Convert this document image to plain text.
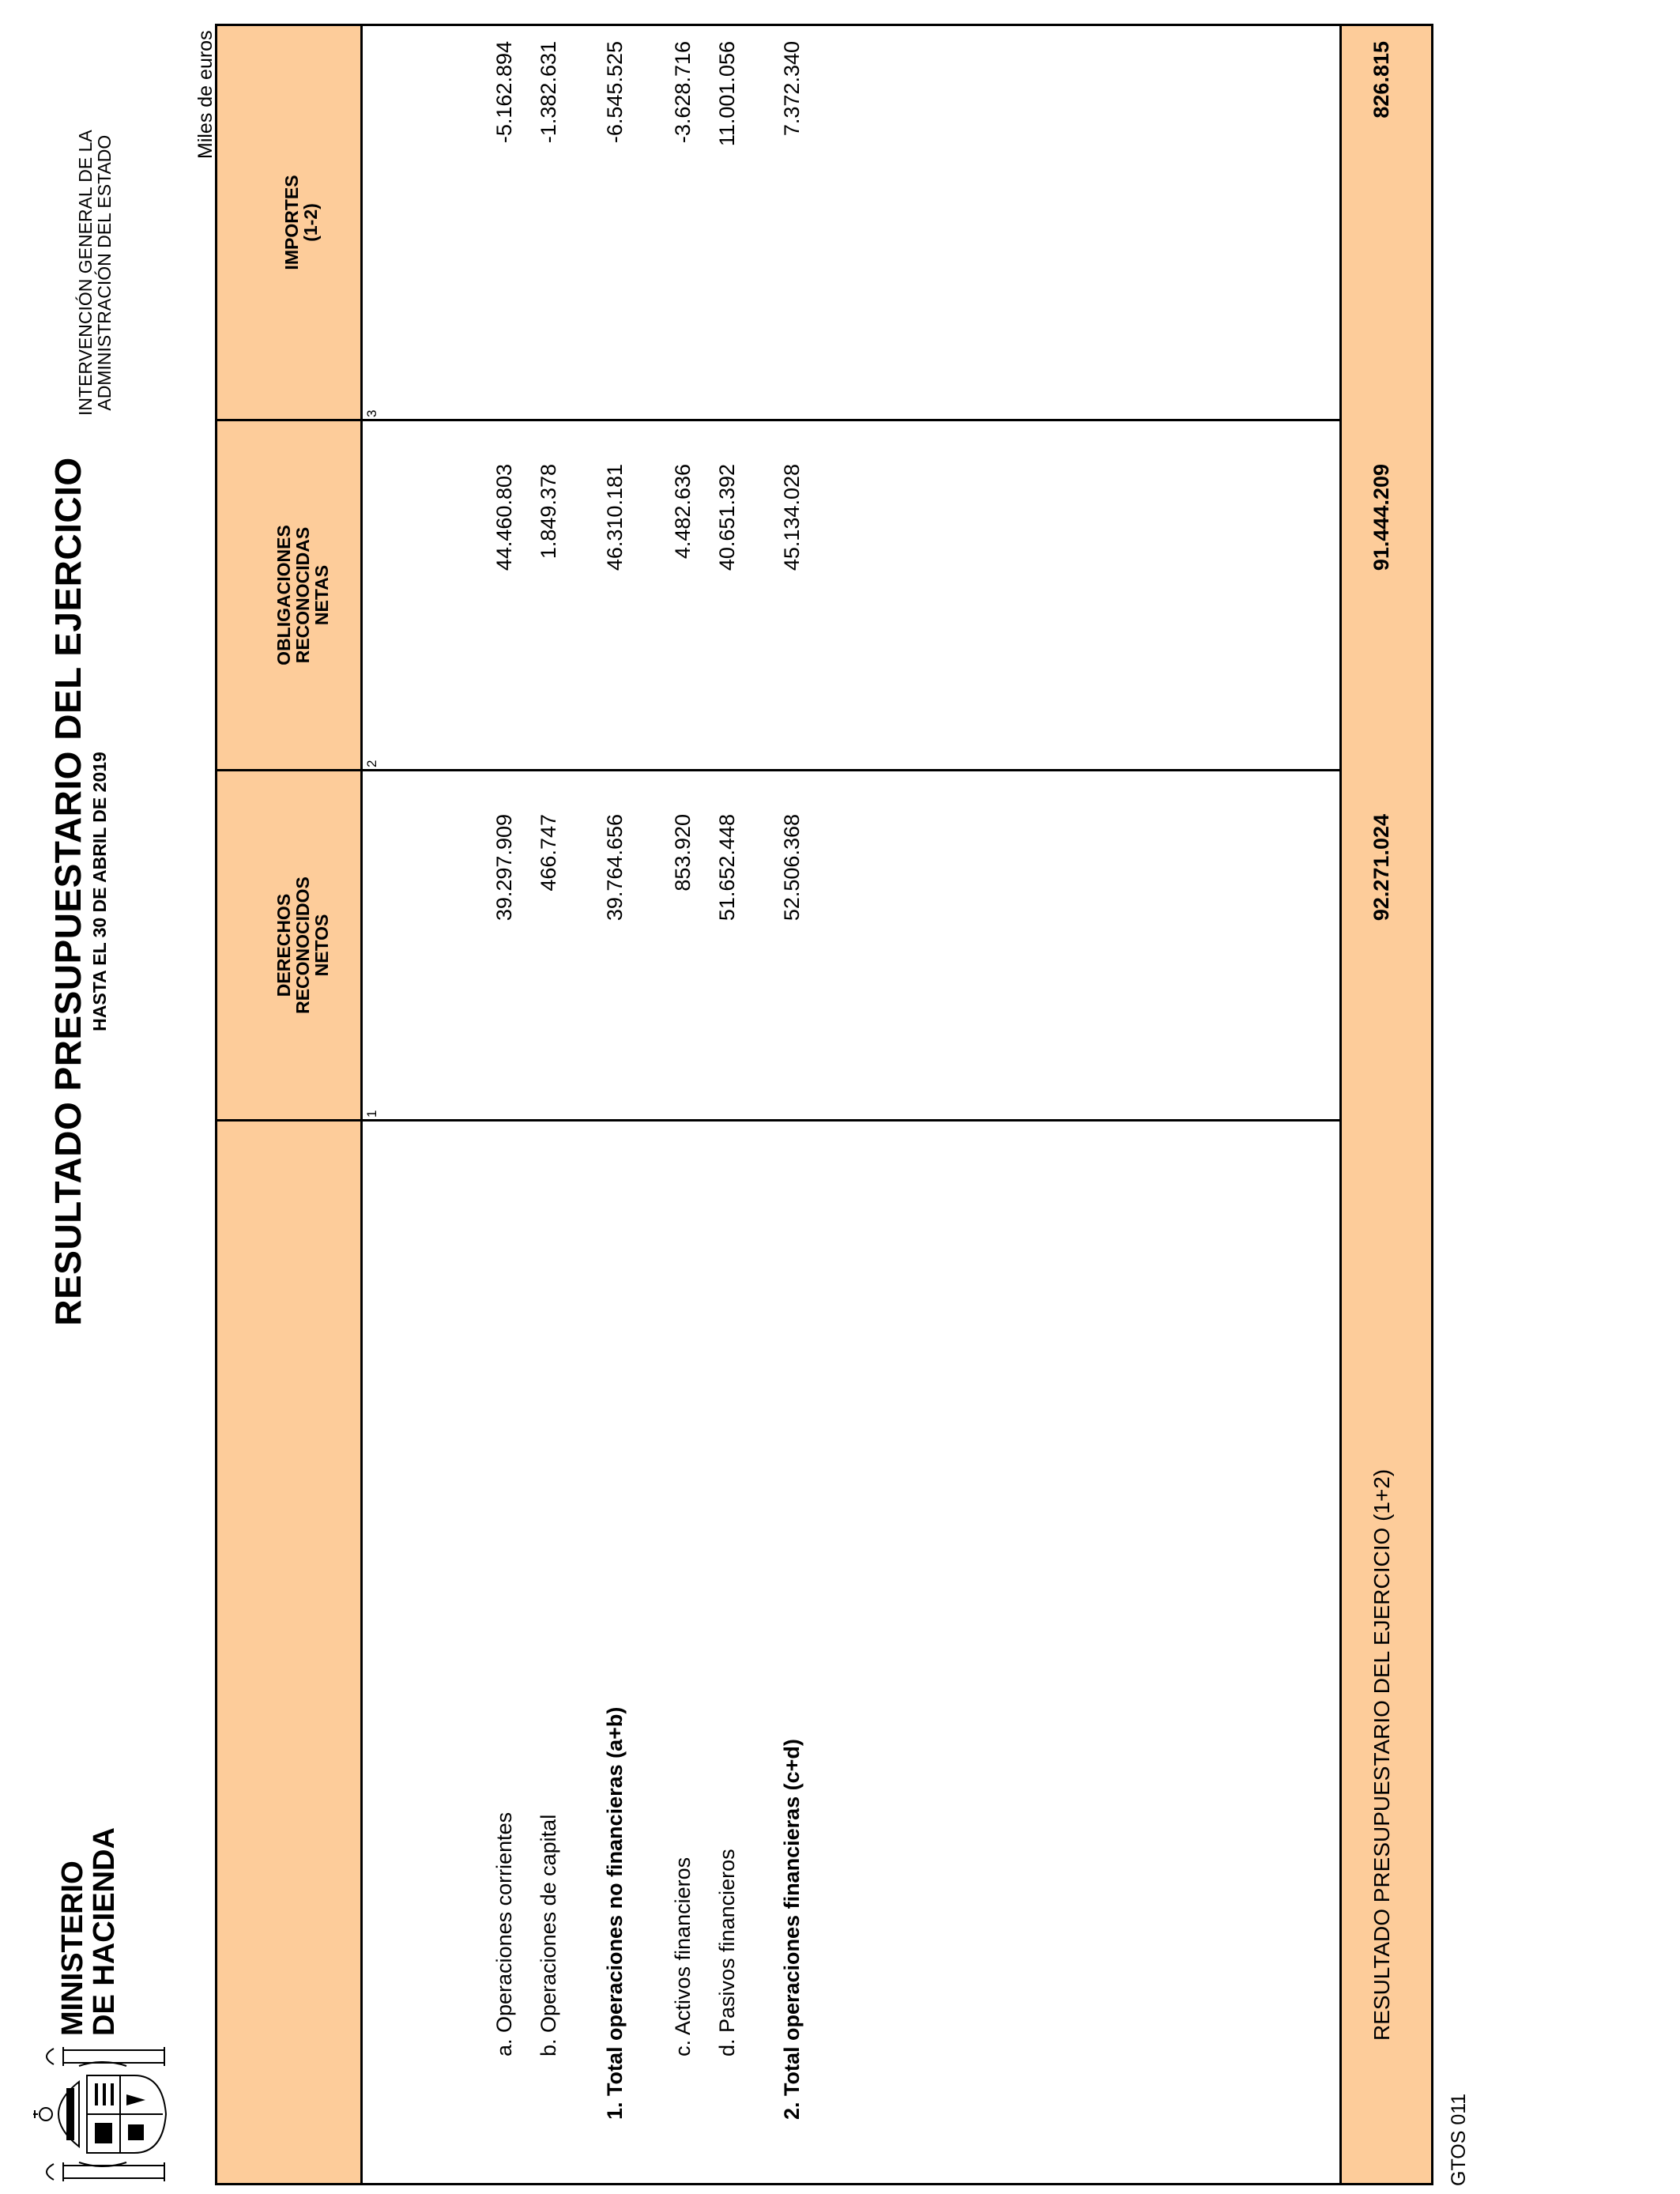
MINISTERIO
DE HACIENDA
RESULTADO PRESUPUESTARIO DEL EJERCICIO HASTA EL 30 DE ABRIL DE 2019
INTERVENCIÓN GENERAL DE LA
ADMINISTRACIÓN DEL ESTADO
Miles de euros
DERECHOS
RECONOCIDOS
NETOS
OBLIGACIONES
RECONOCIDAS
NETAS
IMPORTES
(1-2)
1
2
3
a. Operaciones corrientes
39.297.909
44.460.803
-5.162.894
b. Operaciones de capital
466.747
1.849.378
-1.382.631
1. Total operaciones no financieras (a+b)
39.764.656
46.310.181
-6.545.525
c. Activos financieros
853.920
4.482.636
-3.628.716
d. Pasivos financieros
51.652.448
40.651.392
11.001.056
2. Total operaciones financieras (c+d)
52.506.368
45.134.028
7.372.340
RESULTADO PRESUPUESTARIO DEL EJERCICIO (1+2)
92.271.024
91.444.209
826.815
GTOS 011
